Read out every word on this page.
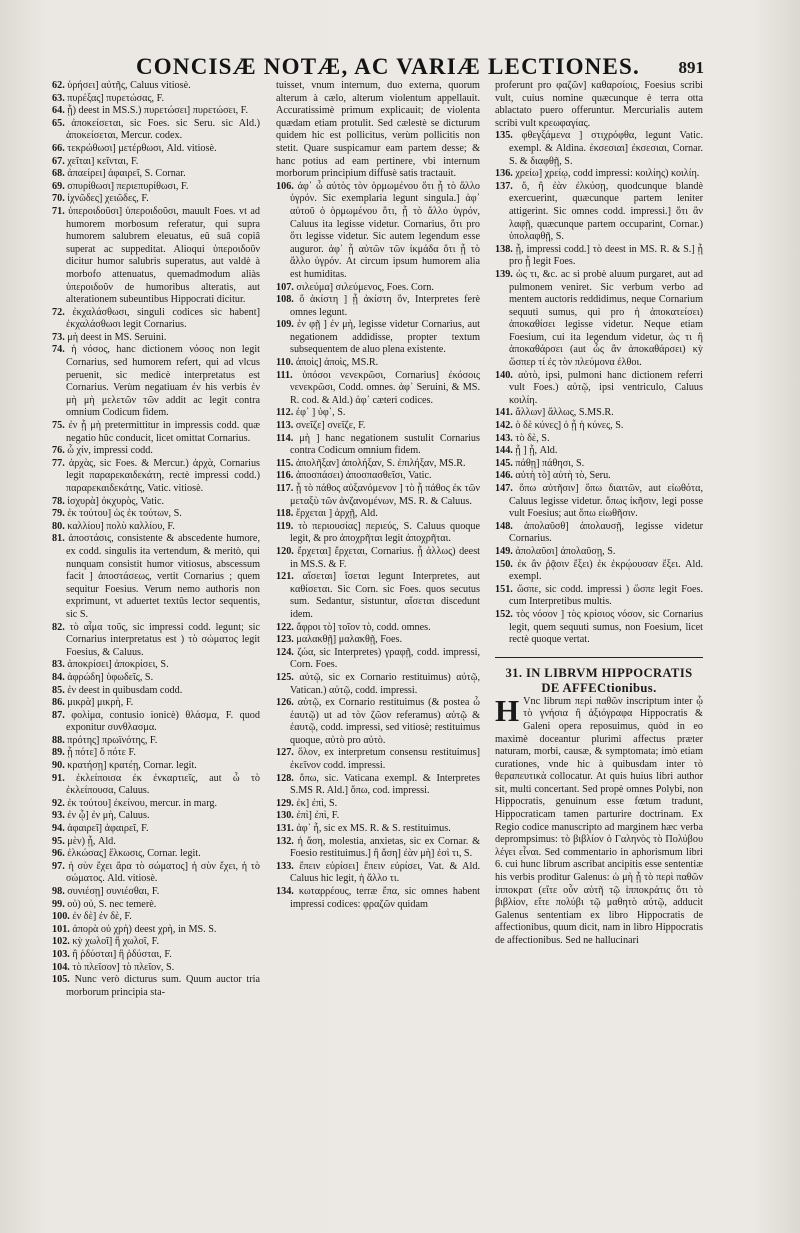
CONCISÆ NOTÆ, AC VARIÆ LECTIONES.	891

62. ὑρήσει] αὐτῆς, Caluus vitiosè.

63. πυρέξας] πυρετώσας, F.

64. ᾗ) deest in MS.S.) πυρετώσει] πυρετώσει, F.

65. ἀποκείσεται, sic Foes. sic Seru. sic Ald.) ἀποκείσεται, Mercur. codex.

66. τεκρώθωσι] μετέρθωσι, Ald. vitiosè.

67. χεῖται] κεῖνται, F.

68. ἀπαείρει] ἀφαιρεῖ, S. Cornar.

69. σπυρίθωσι] περιεπυρίθωσι, F.

70. ἰχνῶδες] χειῶδες, F.

71. ὑπεροιδοῦσι] ὑπεροιδοῦσι, mauult Foes. vt ad humorem morbosum referatur, qui supra humorem salubrem eleuatus, eû suâ copiâ superat ac suppeditat. Alioqui ὑπεροιδοῦν dicitur humor salubris superatus, aut valdè à morbofo attenuatus, quemadmodum aliàs ὑπεροιδοῦν de humoribus alteratis, aut alterationem subeuntibus Hippocrati dicitur.

72. ἐκχαλάσθωσι, singuli codices sic habent] ἐκχαλάσθωσι legit Cornarius.

73. μὴ deest in MS. Seruini.

74. ἡ νόσος, hanc dictionem νόσος non legit Cornarius, sed humorem refert, qui ad vlcus peruenit, sic medicè interpretatus est Cornarius. Verùm negatiuam ἐν his verbis ἐν μὴ μὴ μελετῶν τῶν addit ac legit contra omnium Codicum fidem.

75. ἐν ᾗ μὴ pretermittitur in impressis codd. quæ negatio hûc conducit, licet omittat Cornarius.

76. ὧ χίν, impressi codd.

77. ἀρχὰς, sic Foes. & Mercur.) ἀρχὰ, Cornarius legit παραρεκαιδεκάτη, rectè impressi codd.) παραρεκαιδεκάτης, Vatic. vitiosè.

78. ἰσχυρὰ] ὀκχυρὸς, Vatic.

79. ἐκ τούτου] ὡς ἐκ τούτων, S.

80. καλλίου] πολὺ καλλίου, F.

81. ἀποστάσις, consistente & abscedente humore, ex codd. singulis ita vertendum, & meritò, qui nunquam consistit humor vitiosus, abscessum facit ] ἀποστάσεως, vertit Cornarius ; quem sequitur Foesius. Verum nemo authoris non exprimunt, vt aduertet textûs lector sequentis, sic S.

82. τὸ αἷμα τοῦς, sic impressi codd. legunt; sic Cornarius interpretatus est ) τὸ σώματος legit Foesius, & Caluus.

83. ἀποκρίσει] ἀποκρίσει, S.

84. ἀφρώδη] ὑφωδεῖς, S.

85. ἐν deest in quibusdam codd.

86. μικρὰ] μικρὴ, F.

87. φολίμα, contusio ionicè) θλάσμα, F. quod exponitur συνθλασμα.

88. πρότης] πρωϊνότης, F.

89. ᾗ πότε] ὅ πότε F.

90. κρατήσῃ] κρατέῃ, Cornar. legit.

91. ἐκλείποισα ἐκ ἐνκαρτιεῖς, aut ὧ τὸ ἐκλείπουσα, Caluus.

92. ἐκ τούτου] ἐκείνου, mercur. in marg.

93. ἐν ᾧ] ἐν μὴ, Caluus.

94. ἀφαιρεῖ] ἀφαιρεῖ, F.

95. μὲν) ᾗ, Ald.

96. ἐλκώσας] ἕλκωσις, Cornar. legit.

97. ἡ σὺν ἔχει ἄρα τὸ σώματος] ἡ σὺν ἔχει, ἡ τὸ σώματος. Ald. vitiosè.

98. συνιέσῃ] συνιέσθαι, F.

99. οὐ) οὐ, S. nec temerè.

100. ἐν δὲ] ἐν δὲ, F.

101. ἀπορὰ οὐ χρὴ) deest χρὴ, in MS. S.

102. κỳ χωλοῖ] ἢ χωλοῖ, F.

103. ἢ ῥδύσται] ἢ ῥδύσται, F.

104. τὸ πλεῖσον] τὸ πλεῖον, S.

105. Nunc verò dicturus sum. Quum auctor tria morborum principia sta-

tuisset, vnum internum, duo externa, quorum alterum à cælo, alterum violentum appellauit. Accuratissimè primum explicauit; de violenta quædam etiam protulit. Sed cælestè se dicturum quidem hic est pollicitus, verùm pollicitis non stetit. Quare suspicamur eam partem desse; & hanc potius ad eam pertinere, vbi internum morborum principium diffusè satis tractauit.

106. ἀφ᾽ ὧ αὐτὸς τὸν ὁρμωμένου ὅτι ᾗ τὸ ἄλλο ὑγρόν. Sic exemplaria legunt singula.] ἀφ᾽ αὐτοῦ ὁ ὁρμωμένου ὅτι, ᾗ τὸ ἄλλο ὑγρόν, Caluus ita legisse videtur. Cornarius, ὅτι pro ὅτι legisse videtur. Sic autem legendum esse auguror. ἀφ᾽ ᾗ αὐτῶν τῶν ἰκμάδα ὅτι ᾗ τὸ ἄλλο ὑγρόν. At circum ipsum humorem alia est humiditas.

107. σιλεύμα] σιλεύμενος, Foes. Corn.

108. ὅ ἀκίστη ] ᾗ ἀκίστη ὅν, Interpretes ferè omnes legunt.

109. ἐν φῇ ] ἐν μὴ, legisse videtur Cornarius, aut negationem addidisse, propter textum subsequentem de aluo plena existente.

110. ἀποὶς] ἀποὶς, MS.R.

111. ὑπόσοι νενεκρῶσι, Cornarius] ἐκόσοις νενεκρῶσι, Codd. omnes. ἀφ᾽ Seruini, & MS. R. cod. & Ald.) ἀφ᾽ cæteri codices.

112. ἐφ᾽ ] ὑφ᾽, S.

113. σνεῖζε] σνεῖζε, F.

114. μὴ ] hanc negationem sustulit Cornarius contra Codicum omnium fidem.

115. ἀπολῆξαν] ἀπολήξαν, S. ἐπιλήξαν, MS.R.

116. ἀποσπάσει) ἀποσπασθεῖσι, Vatic.

117. ᾗ τὸ πάθος αὐξανόμενον ] τὸ ᾗ πάθος ἐκ τῶν μεταξὺ τῶν ἀνζανομένων, MS. R. & Caluus.

118. ἔρχεται ] ἀρχῇ, Ald.

119. τὸ περιουσίας] περιεύς, S. Caluus quoque legit, & pro ἀποχρῆται legit ἀποχρῆται.

120. ἔρχεται] ἔρχεται, Cornarius. ᾗ ἀλλως) deest in MS.S. & F.

121. αἵσεται] ἵσεται legunt Interpretes, aut καθίσεται. Sic Corn. sic Foes. quos secutus sum. Sedantur, sistuntur, αἵσεται discedunt idem.

122. ἄφροι τὸ] τοῖον τὸ, codd. omnes.

123. μαλακθῇ] μαλακθῇ, Foes.

124. ζώα, sic Interpretes) γραφῇ, codd. impressi, Corn. Foes.

125. αὐτῷ, sic ex Cornario restituimus) αὐτῷ, Vatican.) αὐτῷ, codd. impressi.

126. αὐτῷ, ex Cornario restituimus (& postea ὧ ἑαυτῷ) ut ad τὸν ζῶον referamus) αὐτῷ & ἑαυτῷ, codd. impressi, sed vitiosè; restituimus quoque, αὐτὸ pro αὐτὸ.

127. ὅλον, ex interpretum consensu restituimus] ἐκεῖνον codd. impressi.

128. ὅπω, sic. Vaticana exempl. & Interpretes S.MS R. Ald.] ὅπω, cod. impressi.

129. ἐκ] ἐπὶ, S.

130. ἐπὶ] ἐπὶ, F.

131. ἀφ᾽ ἧ, sic ex MS. R. & S. restituimus.

132. ἡ ἄση, molestia, anxietas, sic ex Cornar. & Foesio restituimus.] ἢ ἄση] ἐὰν μὴ] ἐσὶ τι, S.

133. ἔπειν εὐρίσει] ἔπειν εὐρίσει, Vat. & Ald. Caluus hic legit, ἡ ἄλλο τι.

134. κωταρρέους, terræ ἔπα, sic omnes habent impressi codices: φραζῶν quidam

proferunt pro φαζῶν] καθαρσίοις, Foesius scribi vult, cuius nomine quæcunque è terra otta ablactato puero offeruntur. Mercurialis autem scribi vult κρεωφαγίας.

135. φθεγξάμενα ] στιχρόφθα, legunt Vatic. exempl. & Aldina. ἐκσεσιαι] ἐκσεσιαι, Cornar. S. & διαφθῇ, S.

136. χρείω] χρείῳ, codd impressi: κοιλίης) κοιλίη.

137. ὅ, ἢ ἐὰν ἐλκύσῃ, quodcunque blandè exercuerint, quæcunque partem leniter attigerint. Sic omnes codd. impressi.] ὅτι ἂν λαφῇ, quæcunque partem occuparint, Cornar.) ὑπολαφθῇ, S.

138. ᾗ, impressi codd.] τὸ deest in MS. R. & S.] ᾗ pro ᾗ legit Foes.

139. ὡς τι, &c. ac si probè aluum purgaret, aut ad pulmonem veniret. Sic verbum verbo ad mentem auctoris reddidimus, neque Cornarium sequuti sumus, qui pro ἡ ἀποκατείσει) ἀποκαθίσει legisse videtur. Neque etiam Foesium, cui ita legendum videtur, ὡς τι ἢ ἀποκαθάρσει (aut ὧς ἂν ἀποκαθάρσει) κỳ ὥσπερ τί ἐς τὸν πλεύμονα ἐλθοι.

140. αὐτὸ, ipsi, pulmoni hanc dictionem referri vult Foes.) αὐτῷ, ipsi ventriculo, Caluus κοιλίη.

141. ἄλλων] ἄλλως, S.MS.R.

142. ὁ δὲ κύνες] ὁ ᾗ ἡ κύνες, S.

143. τὸ δὲ, S.

144. ᾗ ] ᾗ, Ald.

145. πάθῃ] πάθησι, S.

146. αὐτὴ τὸ] αὐτὴ τὸ, Seru.

147. ὅπω αὐτῆσιν] ὅπω διαιτῶν, aut εἰωθότα, Caluus legisse videtur. ὅπως ἰκῆσιν, legi posse vult Foesius; aut ὅπω εἰωθῆσιν.

148. ἀπολαῦσθ] ἀπολαυσῇ, legisse videtur Cornarius.

149. ἀπολαῦσι] ἀπολαῦσῃ, S.

150. ἐκ ἂν ῥᾷσιν ἔξει) ἐκ ἐκρῴουσαν ἔξει. Ald. exempl.

151. ὥσπε, sic codd. impressi ) ὥσπε legit Foes. cum Interpretibus multis.

152. τὸς νόσον ] τὸς κρίσιος νόσον, sic Cornarius legit, quem sequuti sumus, non Foesium, licet rectè quoque vertat.

31. IN LIBRVM HIPPOCRATIS DE AFFECtionibus.

H Vnc librum περὶ παθῶν inscriptum inter ᾧ τὸ γνήσια ἢ ἀξιόγραφα Hippocratis & Galeni opera reposuimus, quòd in eo maximè doceantur plurimi affectus præter naturam, morbi, causæ, & symptomata; imò etiam curationes, vnde hic à quibusdam inter τὸ θεραπευτικὰ collocatur. At quis huius libri author sit, multi concertant. Sed propè omnes Polybi, non Hippocratis, genuinum esse fœtum tradunt, Hippocraticam tamen parturire doctrinam. Ex Regio codice manuscripto ad marginem hæc verba deprompsimus: τὸ βιβλίον ὁ Γαληνὸς τὸ Πολύβου λέγει εἶναι. Sed commentario in aphorismum libri 6. cui hunc librum ascribat ancipitis esse sententiæ his verbis proditur Galenus: ὡ μὴ ᾗ τὸ περὶ παθῶν ἱπποκρατ (εἴτε οὖν αὐτῆ τῷ ἱπποκράτις ὅτι τὸ βιβλίον, εἴτε πολύβι τῷ μαθητὸ αὐτῷ, adducit Galenus sententiam ex libro Hippocratis de affectionibus, quum dicit, nam in libro Hippocratis de affectionibus. Sed ne hallucinari
